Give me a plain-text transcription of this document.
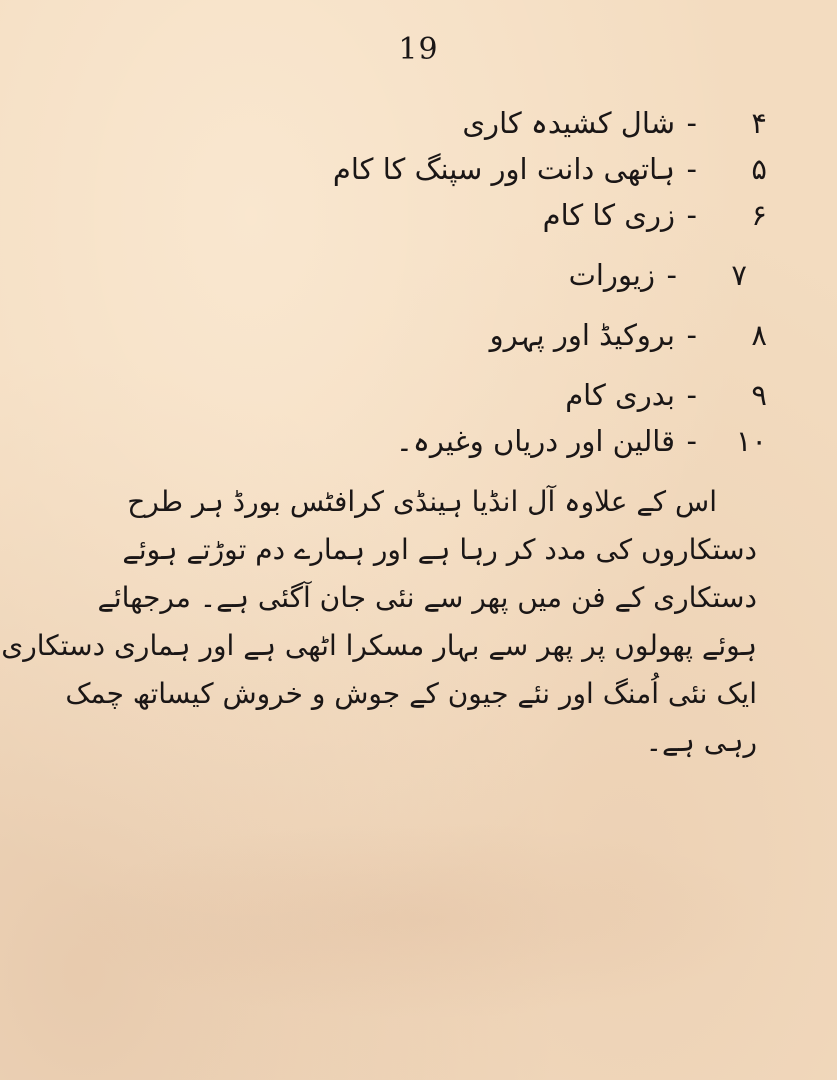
19
۴
-
شال کشیدہ کاری
۵
-
ہاتھی دانت اور سپنگ کا کام
۶
-
زری کا کام
۷
-
زیورات
۸
-
بروکیڈ اور پہرو
۹
-
بدری کام
۱۰
-
قالین اور دریاں وغیرہ۔

اس کے علاوہ آل انڈیا ہینڈی کرافٹس بورڈ ہر طرح
دستکاروں کی مدد کر رہا ہے اور ہمارے دم توڑتے ہوئے
دستکاری کے فن میں پھر سے نئی جان آگئی ہے۔ مرجھائے
ہوئے پھولوں پر پھر سے بہار مسکرا اٹھی ہے اور ہماری دستکاری
ایک نئی اُمنگ اور نئے جیون کے جوش و خروش کیساتھ چمک
رہی ہے۔
